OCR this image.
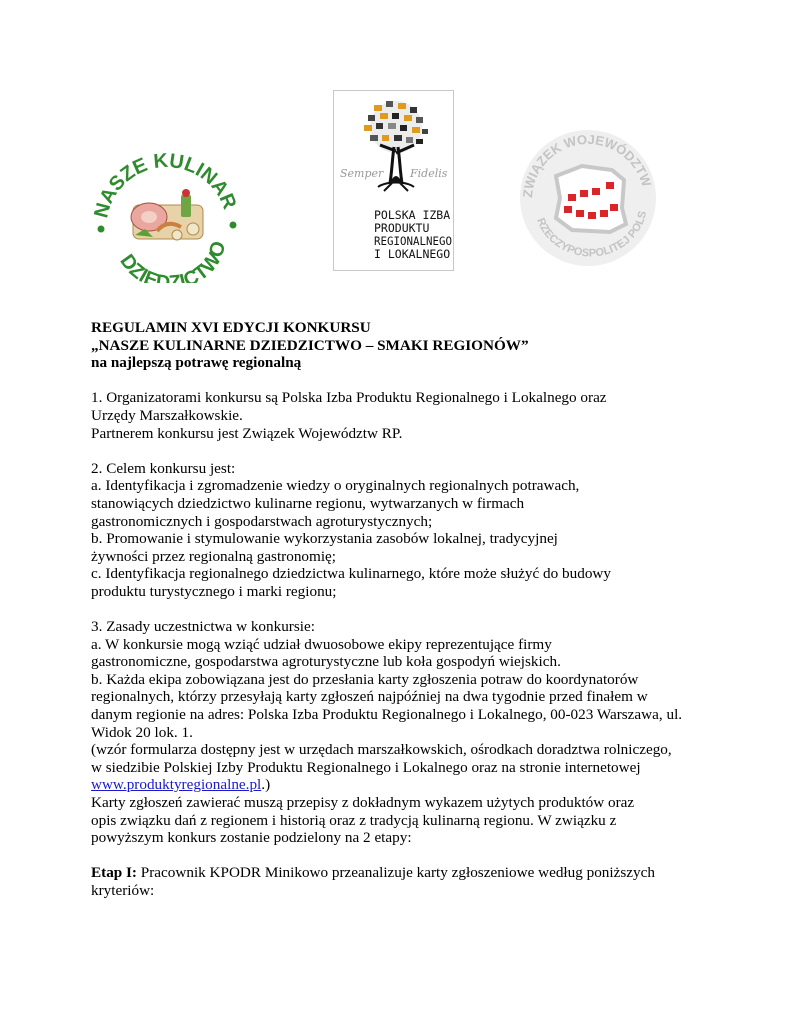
NASZE KULINAR
DZIEDZICTWO
Semper Fidelis
POLSKA IZBA
PRODUKTU
REGIONALNEGO
I LOKALNEGO
ZWIĄZEK WOJEWÓDZTW
RZECZYPOSPOLITEJ POLS

REGULAMIN XVI EDYCJI KONKURSU

„NASZE KULINARNE DZIEDZICTWO – SMAKI REGIONÓW”

na najlepszą potrawę regionalną

1. Organizatorami konkursu są Polska Izba Produktu Regionalnego i Lokalnego oraz

Urzędy Marszałkowskie.

Partnerem konkursu jest Związek Województw RP.

2. Celem konkursu jest:

a. Identyfikacja i zgromadzenie wiedzy o oryginalnych regionalnych potrawach,

stanowiących dziedzictwo kulinarne regionu, wytwarzanych w firmach

gastronomicznych i gospodarstwach agroturystycznych;

b. Promowanie i stymulowanie wykorzystania zasobów lokalnej, tradycyjnej

żywności przez regionalną gastronomię;

c. Identyfikacja regionalnego dziedzictwa kulinarnego, które może służyć do budowy

produktu turystycznego i marki regionu;

3. Zasady uczestnictwa w konkursie:

a. W konkursie mogą wziąć udział dwuosobowe ekipy reprezentujące firmy

gastronomiczne, gospodarstwa agroturystyczne lub koła gospodyń wiejskich.

b. Każda ekipa zobowiązana jest do przesłania karty zgłoszenia potraw do koordynatorów

regionalnych, którzy przesyłają karty zgłoszeń najpóźniej na dwa tygodnie przed finałem w

danym regionie na adres: Polska Izba Produktu Regionalnego i Lokalnego, 00-023 Warszawa, ul.

Widok 20 lok. 1.

(wzór formularza dostępny jest w urzędach marszałkowskich, ośrodkach doradztwa rolniczego,

w siedzibie Polskiej Izby Produktu Regionalnego i Lokalnego oraz na stronie internetowej

www.produktyregionalne.pl.)

Karty zgłoszeń zawierać muszą przepisy z dokładnym wykazem użytych produktów oraz

opis związku dań z regionem i historią oraz z tradycją kulinarną regionu. W związku z

powyższym konkurs zostanie podzielony na 2 etapy:

Etap I: Pracownik KPODR Minikowo przeanalizuje karty zgłoszeniowe według poniższych

kryteriów:
